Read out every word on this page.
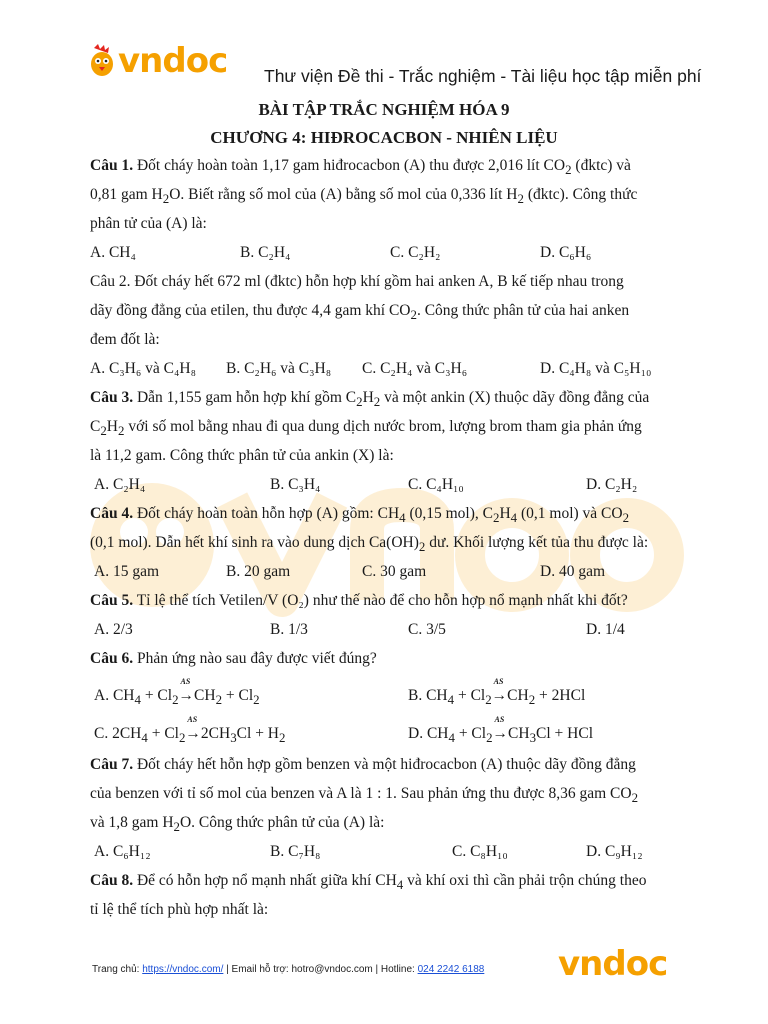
vndoc Thư viện Đề thi - Trắc nghiệm - Tài liệu học tập miễn phí
BÀI TẬP TRẮC NGHIỆM HÓA 9
CHƯƠNG 4: HIĐROCACBON - NHIÊN LIỆU
Câu 1. Đốt cháy hoàn toàn 1,17 gam hiđrocacbon (A) thu được 2,016 lít $CO_2$ (đktc) và
0,81 gam $H_2O$. Biết rằng số mol của (A) bằng số mol của 0,336 lít $H_2$ (đktc). Công thức
phân tử của (A) là:
A. CH₄	B. C₂H₄	C. C₂H₂	D. C₆H₆
Câu 2. Đốt cháy hết 672 ml (đktc) hỗn hợp khí gồm hai anken A, B kế tiếp nhau trong
dãy đồng đẳng của etilen, thu được 4,4 gam khí $CO_2$. Công thức phân tử của hai anken
đem đốt là:
A. C₃H₆ và C₄H₈ B. C₂H₆ và C₃H₈ C. C₂H₄ và C₃H₆	D. C₄H₈ và C₅H₁₀
Câu 3. Dẫn 1,155 gam hỗn hợp khí gồm $C_2H_2$ và một ankin (X) thuộc dãy đồng đẳng của
$C_2H_2$ với số mol bằng nhau đi qua dung dịch nước brom, lượng brom tham gia phản ứng
là 11,2 gam. Công thức phân tử của ankin (X) là:
A. C₂H₄	B. C₃H₄	C. C₄H₁₀	D. C₂H₂
Câu 4. Đốt cháy hoàn toàn hỗn hợp (A) gồm: $CH_4$ (0,15 mol), $C_2H_4$ (0,1 mol) và $CO_2$
(0,1 mol). Dẫn hết khí sinh ra vào dung dịch $Ca(OH)_2$ dư. Khối lượng kết tủa thu được là:
A. 15 gam	B. 20 gam	C. 30 gam	D. 40 gam
Câu 5. Tỉ lệ thể tích Vetilen/V (O₂) như thế nào để cho hỗn hợp nổ mạnh nhất khi đốt?
A. 2/3	B. 1/3	C. 3/5	D. 1/4
Câu 6. Phản ứng nào sau đây được viết đúng?
A. $CH_4 + Cl_2$
AS
$\to CH_2 + Cl_2$	B. $CH_4 + Cl_2$
AS
$\to CH_2 + 2HCl$
C. $2CH_4 + Cl_2$
AS
$\to 2CH_3Cl + H_2$	D. $CH_4 + Cl_2$
AS
$\to CH_3Cl$ + HCl
Câu 7. Đốt cháy hết hỗn hợp gồm benzen và một hiđrocacbon (A) thuộc dãy đồng đẳng
của benzen với tỉ số mol của benzen và A là 1 : 1. Sau phản ứng thu được 8,36 gam $CO_2$
và 1,8 gam $H_2O$. Công thức phân tử của (A) là:
A. C₆H₁₂	B. C₇H₈	C. C₈H₁₀	D. C₉H₁₂
Câu 8. Để có hỗn hợp nổ mạnh nhất giữa khí $CH_4$ và khí oxi thì cần phải trộn chúng theo
tỉ lệ thể tích phù hợp nhất là:
vndoc
Trang chủ: https://vndoc.com/ | Email hỗ trợ: hotro@vndoc.com | Hotline: 024 2242 6188
